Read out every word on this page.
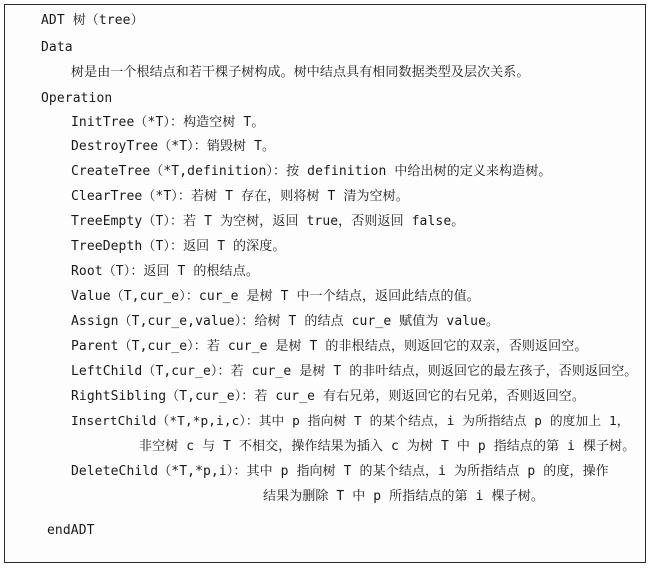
ADT 树（tree）
Data
树是由一个根结点和若干棵子树构成。树中结点具有相同数据类型及层次关系。
Operation
InitTree（*T）：构造空树 T。
DestroyTree（*T）：销毁树 T。
CreateTree（*T,definition）：按 definition 中给出树的定义来构造树。
ClearTree（*T）：若树 T 存在，则将树 T 清为空树。
TreeEmpty（T）：若 T 为空树，返回 true，否则返回 false。
TreeDepth（T）：返回 T 的深度。
Root（T）：返回 T 的根结点。
Value（T,cur_e）：cur_e 是树 T 中一个结点，返回此结点的值。
Assign（T,cur_e,value）：给树 T 的结点 cur_e 赋值为 value。
Parent（T,cur_e）：若 cur_e 是树 T 的非根结点，则返回它的双亲，否则返回空。
LeftChild（T,cur_e）：若 cur_e 是树 T 的非叶结点，则返回它的最左孩子，否则返回空。
RightSibling（T,cur_e）：若 cur_e 有右兄弟，则返回它的右兄弟，否则返回空。
InsertChild（*T,*p,i,c）：其中 p 指向树 T 的某个结点，i 为所指结点 p 的度加上 1，
非空树 c 与 T 不相交，操作结果为插入 c 为树 T 中 p 指结点的第 i 棵子树。
DeleteChild（*T,*p,i）：其中 p 指向树 T 的某个结点，i 为所指结点 p 的度，操作
结果为删除 T 中 p 所指结点的第 i 棵子树。
endADT
